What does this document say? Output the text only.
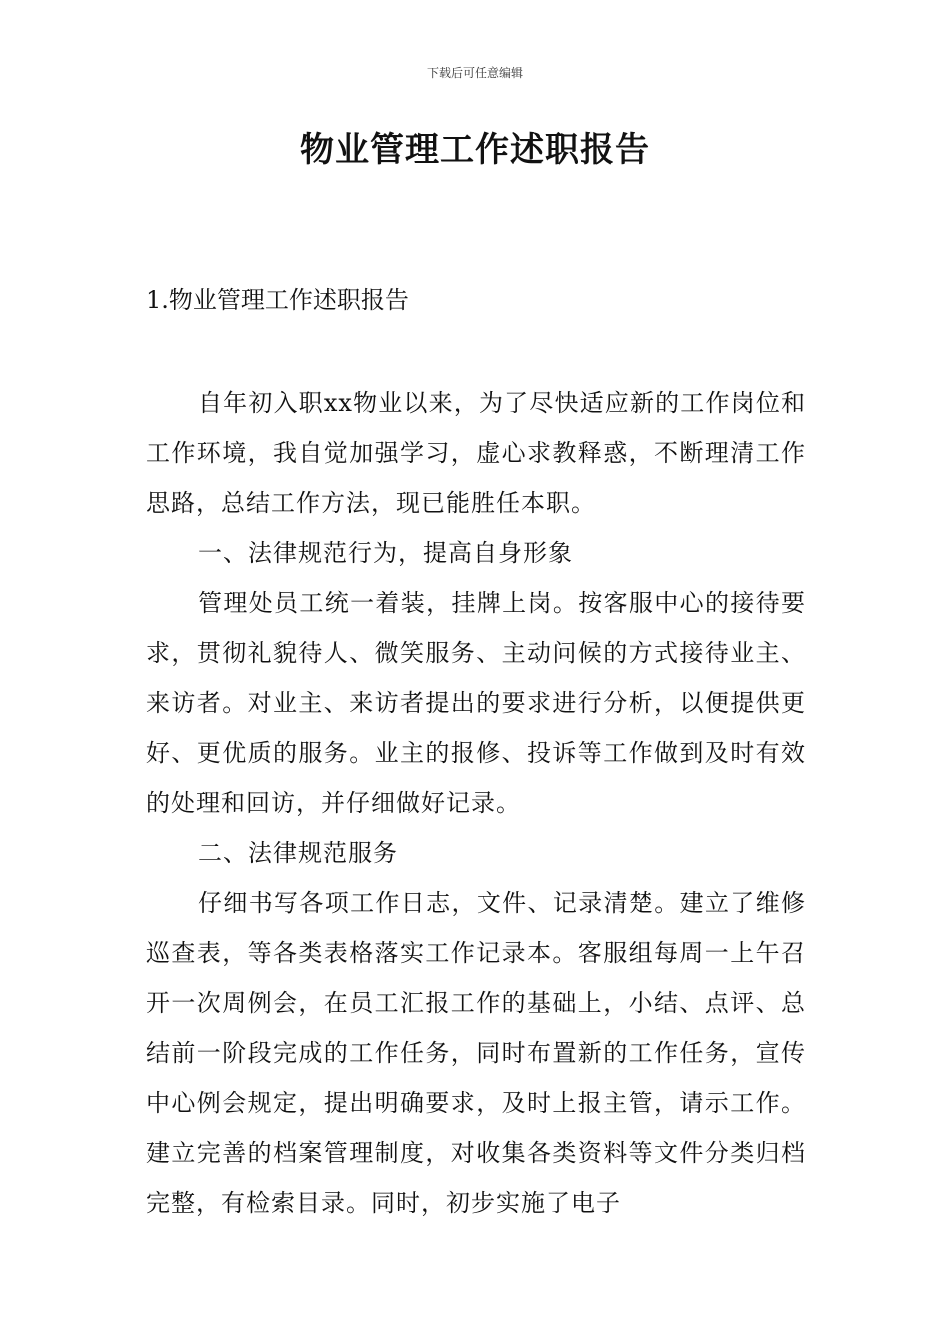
下载后可任意编辑
物业管理工作述职报告
1.物业管理工作述职报告

自年初入职xx物业以来，为了尽快适应新的工作岗位和工作环境，我自觉加强学习，虚心求教释惑，不断理清工作思路，总结工作方法，现已能胜任本职。

一、法律规范行为，提高自身形象

管理处员工统一着装，挂牌上岗。按客服中心的接待要求，贯彻礼貌待人、微笑服务、主动问候的方式接待业主、来访者。对业主、来访者提出的要求进行分析，以便提供更好、更优质的服务。业主的报修、投诉等工作做到及时有效的处理和回访，并仔细做好记录。

二、法律规范服务

仔细书写各项工作日志，文件、记录清楚。建立了维修巡查表，等各类表格落实工作记录本。客服组每周一上午召开一次周例会，在员工汇报工作的基础上，小结、点评、总结前一阶段完成的工作任务，同时布置新的工作任务，宣传中心例会规定，提出明确要求，及时上报主管，请示工作。建立完善的档案管理制度，对收集各类资料等文件分类归档完整，有检索目录。同时，初步实施了电子
